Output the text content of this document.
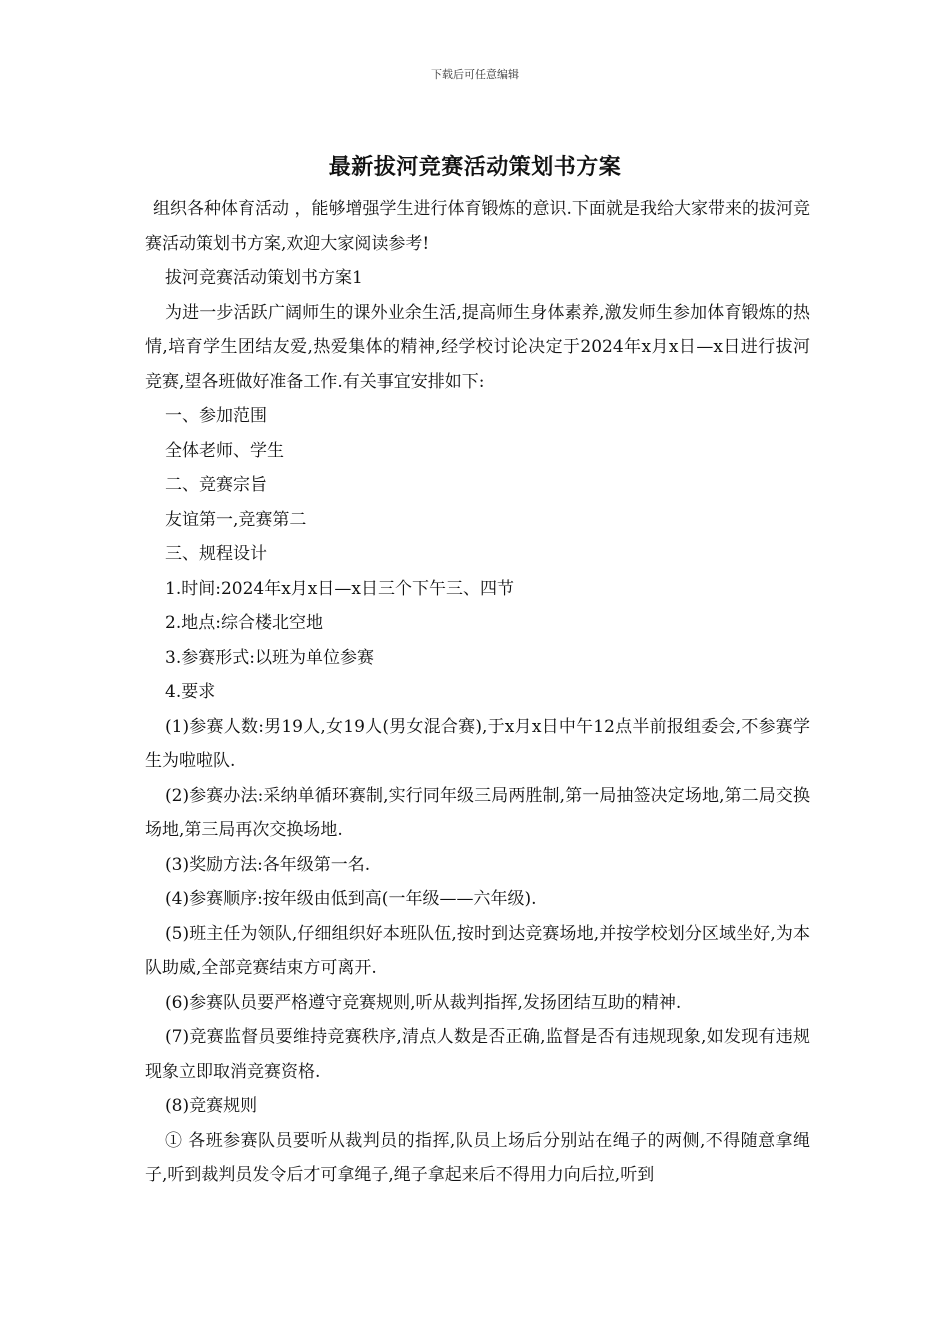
下载后可任意编辑
最新拔河竞赛活动策划书方案

组织各种体育活动 ，能够增强学生进行体育锻炼的意识.下面就是我给大家带来的拔河竞赛活动策划书方案,欢迎大家阅读参考!

拔河竞赛活动策划书方案1

为进一步活跃广阔师生的课外业余生活,提高师生身体素养,激发师生参加体育锻炼的热情,培育学生团结友爱,热爱集体的精神,经学校讨论决定于2024年x月x日—x日进行拔河竞赛,望各班做好准备工作.有关事宜安排如下:

一、参加范围

全体老师、学生

二、竞赛宗旨

友谊第一,竞赛第二

三、规程设计

1.时间:2024年x月x日—x日三个下午三、四节

2.地点:综合楼北空地

3.参赛形式:以班为单位参赛

4.要求

(1)参赛人数:男19人,女19人(男女混合赛),于x月x日中午12点半前报组委会,不参赛学生为啦啦队.

(2)参赛办法:采纳单循环赛制,实行同年级三局两胜制,第一局抽签决定场地,第二局交换场地,第三局再次交换场地.

(3)奖励方法:各年级第一名.

(4)参赛顺序:按年级由低到高(一年级——六年级).

(5)班主任为领队,仔细组织好本班队伍,按时到达竞赛场地,并按学校划分区域坐好,为本队助威,全部竞赛结束方可离开.

(6)参赛队员要严格遵守竞赛规则,听从裁判指挥,发扬团结互助的精神.

(7)竞赛监督员要维持竞赛秩序,清点人数是否正确,监督是否有违规现象,如发现有违规现象立即取消竞赛资格.

(8)竞赛规则

① 各班参赛队员要听从裁判员的指挥,队员上场后分别站在绳子的两侧,不得随意拿绳子,听到裁判员发令后才可拿绳子,绳子拿起来后不得用力向后拉,听到
